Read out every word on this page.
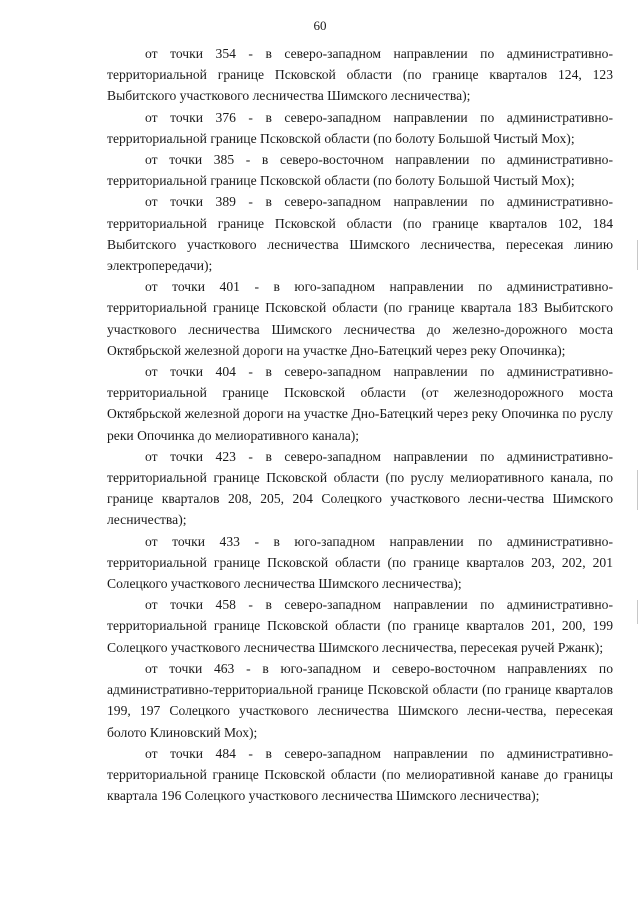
60

от точки 354 - в северо-западном направлении по административно-территориальной границе Псковской области (по границе кварталов 124, 123 Выбитского участкового лесничества Шимского лесничества);

от точки 376 - в северо-западном направлении по административно-территориальной границе Псковской области (по болоту Большой Чистый Мох);

от точки 385 - в северо-восточном направлении по административно-территориальной границе Псковской области (по болоту Большой Чистый Мох);

от точки 389 - в северо-западном направлении по административно-территориальной границе Псковской области (по границе кварталов 102, 184 Выбитского участкового лесничества Шимского лесничества, пересекая линию электропередачи);

от точки 401 - в юго-западном направлении по административно-территориальной границе Псковской области (по границе квартала 183 Выбитского участкового лесничества Шимского лесничества до железно-дорожного моста Октябрьской железной дороги на участке Дно-Батецкий через реку Опочинка);

от точки 404 - в северо-западном направлении по административно-территориальной границе Псковской области (от железнодорожного моста Октябрьской железной дороги на участке Дно-Батецкий через реку Опочинка по руслу реки Опочинка до мелиоративного канала);

от точки 423 - в северо-западном направлении по административно-территориальной границе Псковской области (по руслу мелиоративного канала, по границе кварталов 208, 205, 204 Солецкого участкового лесни-чества Шимского лесничества);

от точки 433 - в юго-западном направлении по административно-территориальной границе Псковской области (по границе кварталов 203, 202, 201 Солецкого участкового лесничества Шимского лесничества);

от точки 458 - в северо-западном направлении по административно-территориальной границе Псковской области (по границе кварталов 201, 200, 199 Солецкого участкового лесничества Шимского лесничества, пересекая ручей Ржанк);

от точки 463 - в юго-западном и северо-восточном направлениях по административно-территориальной границе Псковской области (по границе кварталов 199, 197 Солецкого участкового лесничества Шимского лесни-чества, пересекая болото Клиновский Мох);

от точки 484 - в северо-западном направлении по административно-территориальной границе Псковской области (по мелиоративной канаве до границы квартала 196 Солецкого участкового лесничества Шимского лесничества);
